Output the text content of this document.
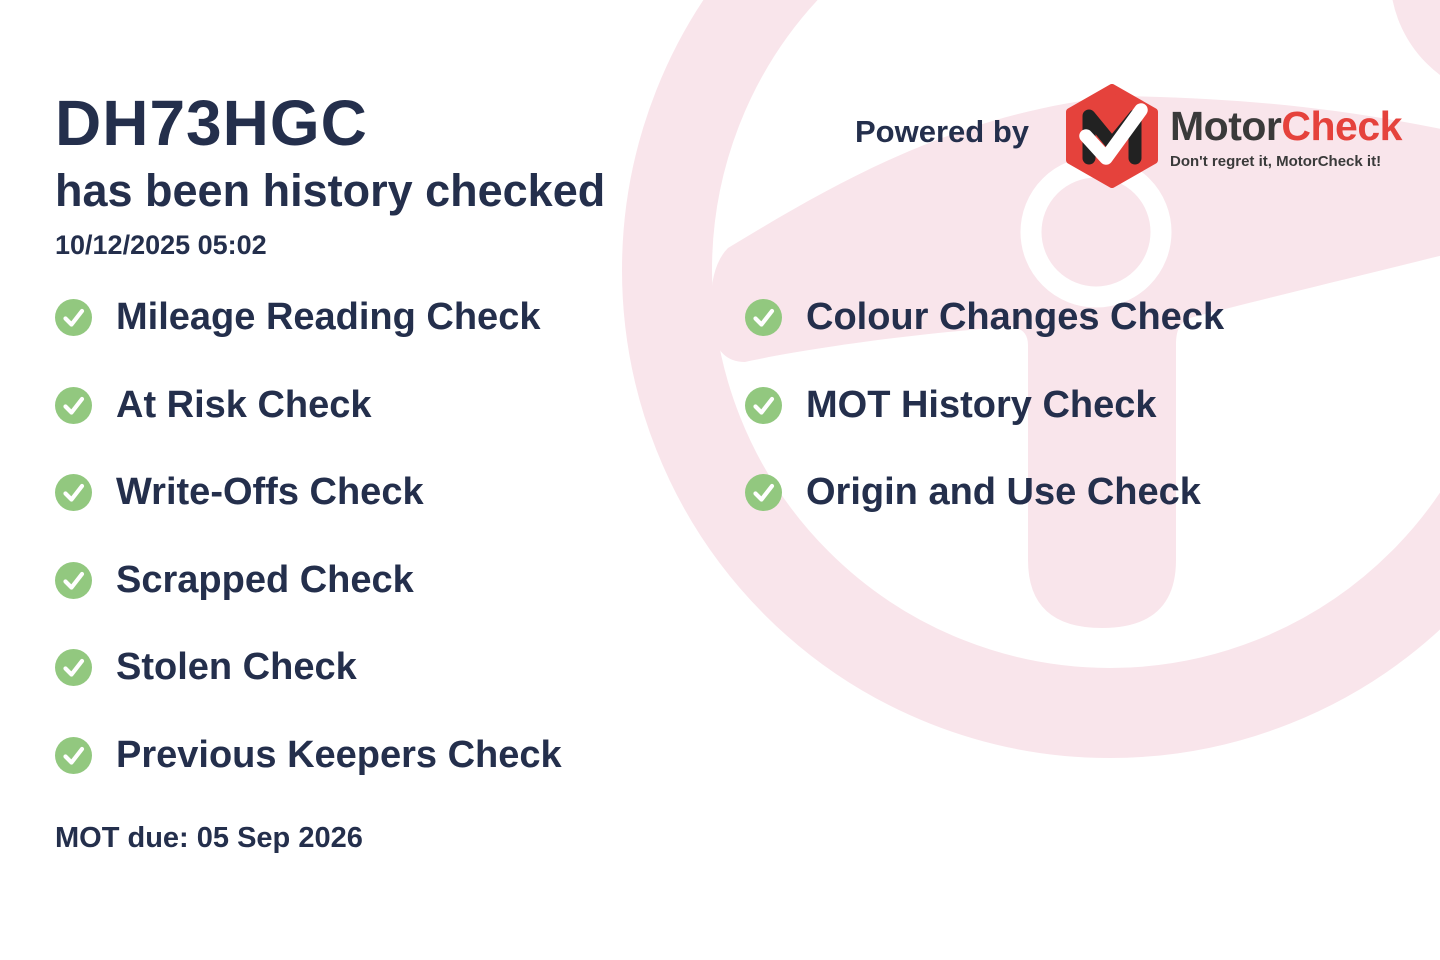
DH73HGC
has been history checked
10/12/2025 05:02
Powered by	MotorCheck
Don't regret it, MotorCheck it!
Mileage Reading Check
At Risk Check
Write-Offs Check
Scrapped Check
Stolen Check
Previous Keepers Check
Colour Changes Check
MOT History Check
Origin and Use Check
MOT due: 05 Sep 2026
